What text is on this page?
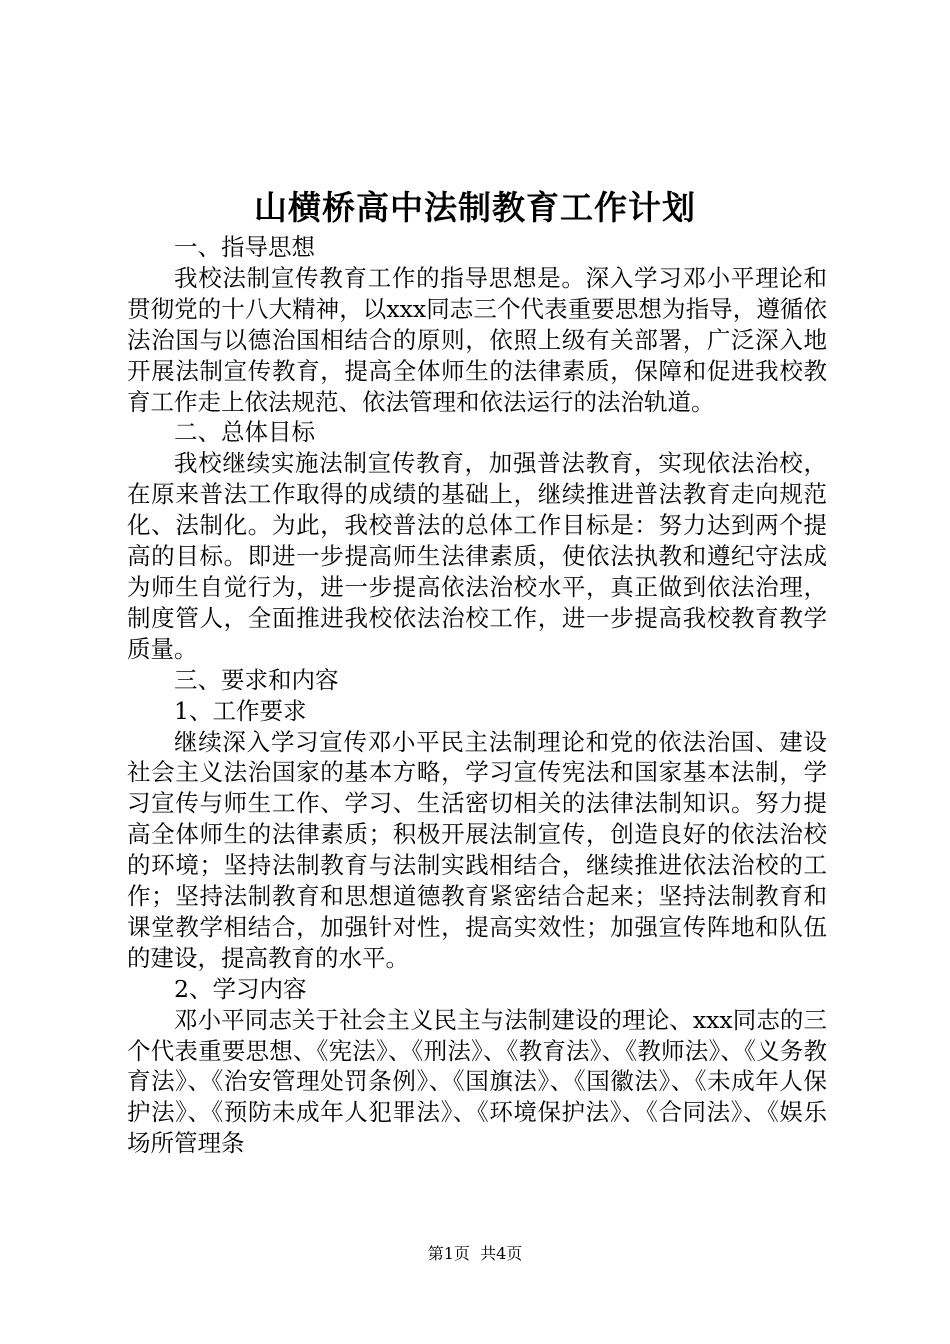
山横桥高中法制教育工作计划

一、指导思想

我校法制宣传教育工作的指导思想是。深入学习邓小平理论和贯彻党的十八大精神，以xxx同志三个代表重要思想为指导，遵循依法治国与以德治国相结合的原则，依照上级有关部署，广泛深入地开展法制宣传教育，提高全体师生的法律素质，保障和促进我校教育工作走上依法规范、依法管理和依法运行的法治轨道。

二、总体目标

我校继续实施法制宣传教育，加强普法教育，实现依法治校，在原来普法工作取得的成绩的基础上，继续推进普法教育走向规范化、法制化。为此，我校普法的总体工作目标是：努力达到两个提高的目标。即进一步提高师生法律素质，使依法执教和遵纪守法成为师生自觉行为，进一步提高依法治校水平，真正做到依法治理，制度管人，全面推进我校依法治校工作，进一步提高我校教育教学质量。

三、要求和内容

1、工作要求

继续深入学习宣传邓小平民主法制理论和党的依法治国、建设社会主义法治国家的基本方略，学习宣传宪法和国家基本法制，学习宣传与师生工作、学习、生活密切相关的法律法制知识。努力提高全体师生的法律素质；积极开展法制宣传，创造良好的依法治校的环境；坚持法制教育与法制实践相结合，继续推进依法治校的工作；坚持法制教育和思想道德教育紧密结合起来；坚持法制教育和课堂教学相结合，加强针对性，提高实效性；加强宣传阵地和队伍的建设，提高教育的水平。

2、学习内容

邓小平同志关于社会主义民主与法制建设的理论、xxx同志的三个代表重要思想、《宪法》、《刑法》、《教育法》、《教师法》、《义务教育法》、《治安管理处罚条例》、《国旗法》、《国徽法》、《未成年人保护法》、《预防未成年人犯罪法》、《环境保护法》、《合同法》、《娱乐场所管理条

第1页  共4页
